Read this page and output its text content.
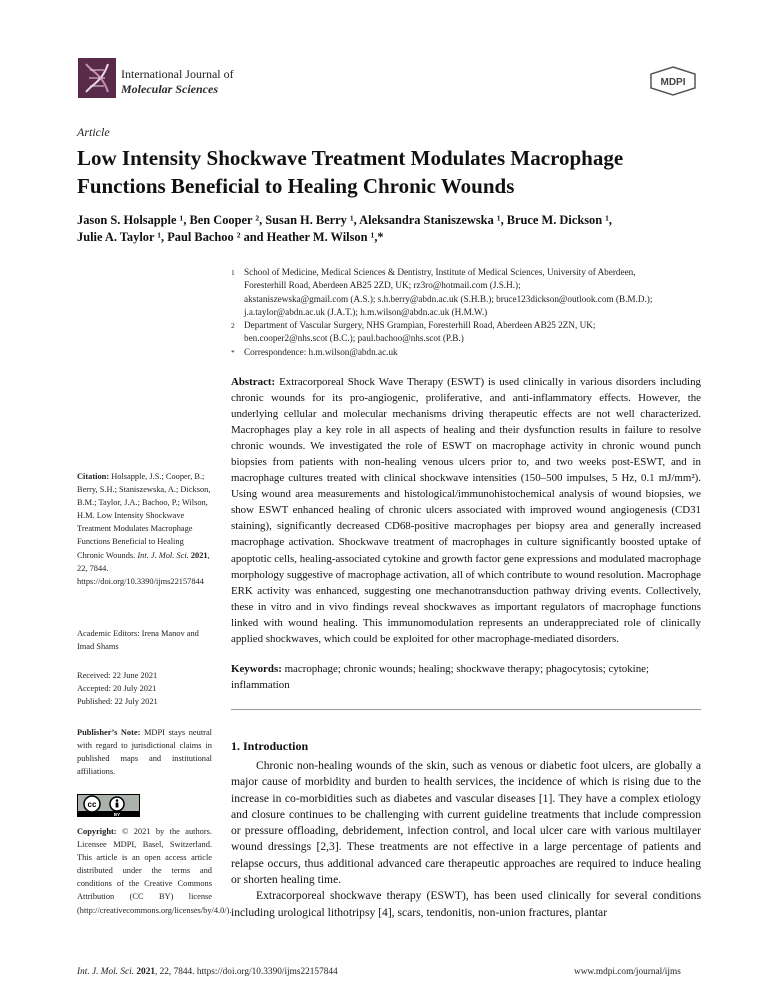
International Journal of
Molecular Sciences	MDPI
Article
Low Intensity Shockwave Treatment Modulates Macrophage Functions Beneficial to Healing Chronic Wounds
Jason S. Holsapple ¹, Ben Cooper ², Susan H. Berry ¹, Aleksandra Staniszewska ¹, Bruce M. Dickson ¹,
Julie A. Taylor ¹, Paul Bachoo ² and Heather M. Wilson ¹,*
1	School of Medicine, Medical Sciences & Dentistry, Institute of Medical Sciences, University of Aberdeen,
Foresterhill Road, Aberdeen AB25 2ZD, UK; rz3ro@hotmail.com (J.S.H.);
akstaniszewska@gmail.com (A.S.); s.h.berry@abdn.ac.uk (S.H.B.); bruce123dickson@outlook.com (B.M.D.);
j.a.taylor@abdn.ac.uk (J.A.T.); h.m.wilson@abdn.ac.uk (H.M.W.)
2	Department of Vascular Surgery, NHS Grampian, Foresterhill Road, Aberdeen AB25 2ZN, UK;
ben.cooper2@nhs.scot (B.C.); paul.bachoo@nhs.scot (P.B.)
*	Correspondence: h.m.wilson@abdn.ac.uk
Abstract: Extracorporeal Shock Wave Therapy (ESWT) is used clinically in various disorders including chronic wounds for its pro-angiogenic, proliferative, and anti-inflammatory effects. However, the underlying cellular and molecular mechanisms driving therapeutic effects are not well characterized. Macrophages play a key role in all aspects of healing and their dysfunction results in failure to resolve chronic wounds. We investigated the role of ESWT on macrophage activity in chronic wound punch biopsies from patients with non-healing venous ulcers prior to, and two weeks post-ESWT, and in macrophage cultures treated with clinical shockwave intensities (150–500 impulses, 5 Hz, 0.1 mJ/mm²). Using wound area measurements and histological/immunohistochemical analysis of wound biopsies, we show ESWT enhanced healing of chronic ulcers associated with improved wound angiogenesis (CD31 staining), significantly decreased CD68-positive macrophages per biopsy area and generally increased macrophage activation. Shockwave treatment of macrophages in culture significantly boosted uptake of apoptotic cells, healing-associated cytokine and growth factor gene expressions and modulated macrophage morphology suggestive of macrophage activation, all of which contribute to wound resolution. Macrophage ERK activity was enhanced, suggesting one mechanotransduction pathway driving events. Collectively, these in vitro and in vivo findings reveal shockwaves as important regulators of macrophage functions linked with wound healing. This immunomodulation represents an underappreciated role of clinically applied shockwaves, which could be exploited for other macrophage-mediated disorders.
Keywords: macrophage; chronic wounds; healing; shockwave therapy; phagocytosis; cytokine; inflammation
Citation: Holsapple, J.S.; Cooper, B.; Berry, S.H.; Staniszewska, A.; Dickson, B.M.; Taylor, J.A.; Bachoo, P.; Wilson, H.M. Low Intensity Shockwave Treatment Modulates Macrophage Functions Beneficial to Healing Chronic Wounds. Int. J. Mol. Sci. 2021, 22, 7844. https://doi.org/10.3390/ijms22157844
Academic Editors: Irena Manov and Imad Shams
Received: 22 June 2021
Accepted: 20 July 2021
Published: 22 July 2021
Publisher’s Note: MDPI stays neutral with regard to jurisdictional claims in published maps and institutional affiliations.
cc
BY
Copyright: © 2021 by the authors. Licensee MDPI, Basel, Switzerland. This article is an open access article distributed under the terms and conditions of the Creative Commons Attribution (CC BY) license (http://creativecommons.org/licenses/by/4.0/).
1. Introduction

Chronic non-healing wounds of the skin, such as venous or diabetic foot ulcers, are globally a major cause of morbidity and burden to health services, the incidence of which is rising due to the increase in co-morbidities such as diabetes and vascular diseases [1]. They have a complex etiology and closure continues to be challenging with current guideline treatments that include compression or pressure offloading, debridement, infection control, and local ulcer care with various multilayer wound dressings [2,3]. These treatments are not effective in a large percentage of patients and relapse occurs, thus additional advanced care therapeutic approaches are required to induce healing or shorten healing time.

Extracorporeal shockwave therapy (ESWT), has been used clinically for several conditions including urological lithotripsy [4], scars, tendonitis, non-union fractures, plantar

Int. J. Mol. Sci. 2021, 22, 7844. https://doi.org/10.3390/ijms22157844	www.mdpi.com/journal/ijms
